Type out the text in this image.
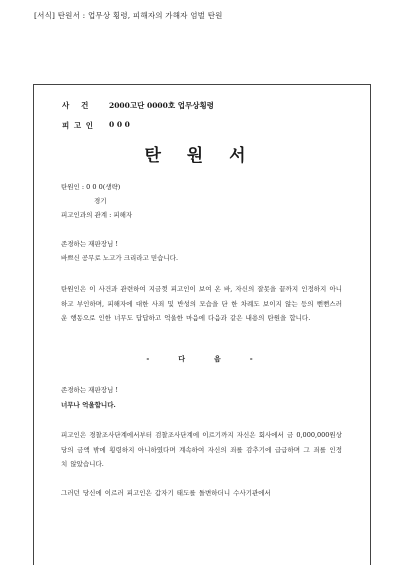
[서식] 탄원서 : 업무상 횡령, 피해자의 가해자 엄벌 탄원
사   건	2000고단 0000호 업무상횡령
피 고 인	0 0 0
탄 원 서
탄원인 : 0 0 0(생략)
경기
피고인과의 관계 : 피해자
존경하는 재판장님 !
바쁘신 공무로 노고가 크리라고 믿습니다.
탄원인은 이 사건과 관련하여 지금껏 피고인이 보여 온 바, 자신의 잘못을 끝까지 인정하지 아니하고 부인하며, 피해자에 대한 사죄 및 반성의 모습을 단 한 차례도 보이지 않는 등의 뻔뻔스러운 행동으로 인한 너무도 답답하고 억울한 마음에 다음과 같은 내용의 탄원을 합니다.
-	다	음	-
존경하는 재판장님 !
너무나 억울합니다.
피고인은 경찰조사단계에서부터 검찰조사단계에 이르기까지 자신은 회사에서 금 0,000,000원상당의 금액 밖에 횡령하지 아니하였다며 계속하여 자신의 죄를 감추기에 급급하며 그 죄를 인정치 않았습니다.
그러던 당신에 이르러 피고인은 갑자기 태도를 돌변하더니 수사기관에서
